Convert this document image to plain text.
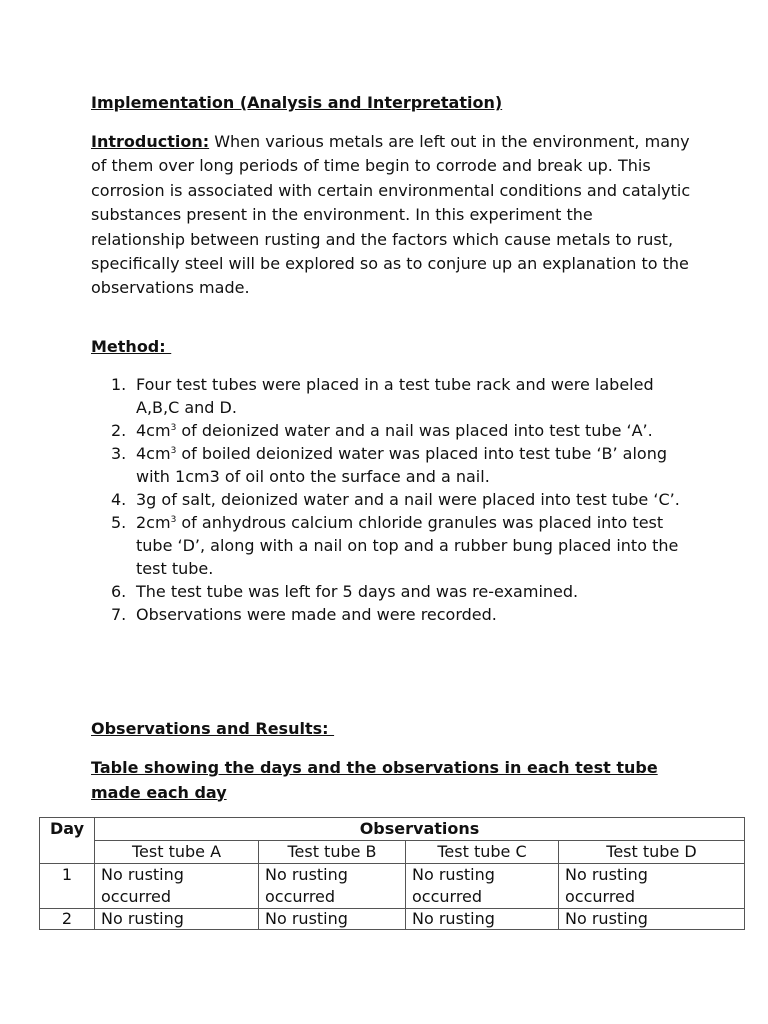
Implementation (Analysis and Interpretation)

Introduction: When various metals are left out in the environment, many of them over long periods of time begin to corrode and break up. This corrosion is associated with certain environmental conditions and catalytic substances present in the environment. In this experiment the relationship between rusting and the factors which cause metals to rust, specifically steel will be explored so as to conjure up an explanation to the observations made.

Method:
1. Four test tubes were placed in a test tube rack and were labeled A,B,C and D.
2. $4cm^3$ of deionized water and a nail was placed into test tube ‘A’.
3. $4cm^3$ of boiled deionized water was placed into test tube ‘B’ along with 1cm3 of oil onto the surface and a nail.
4. 3g of salt, deionized water and a nail were placed into test tube ‘C’.
5. $2cm^3$ of anhydrous calcium chloride granules was placed into test tube ‘D’, along with a nail on top and a rubber bung placed into the test tube.
6. The test tube was left for 5 days and was re-examined.
7. Observations were made and were recorded.
Observations and Results:
Table showing the days and the observations in each test tube made each day
Day	Observations			
	Test tube A	Test tube B	Test tube C	Test tube D
1	No rusting occurred	No rusting occurred	No rusting occurred	No rusting occurred
2	No rusting	No rusting	No rusting	No rusting
